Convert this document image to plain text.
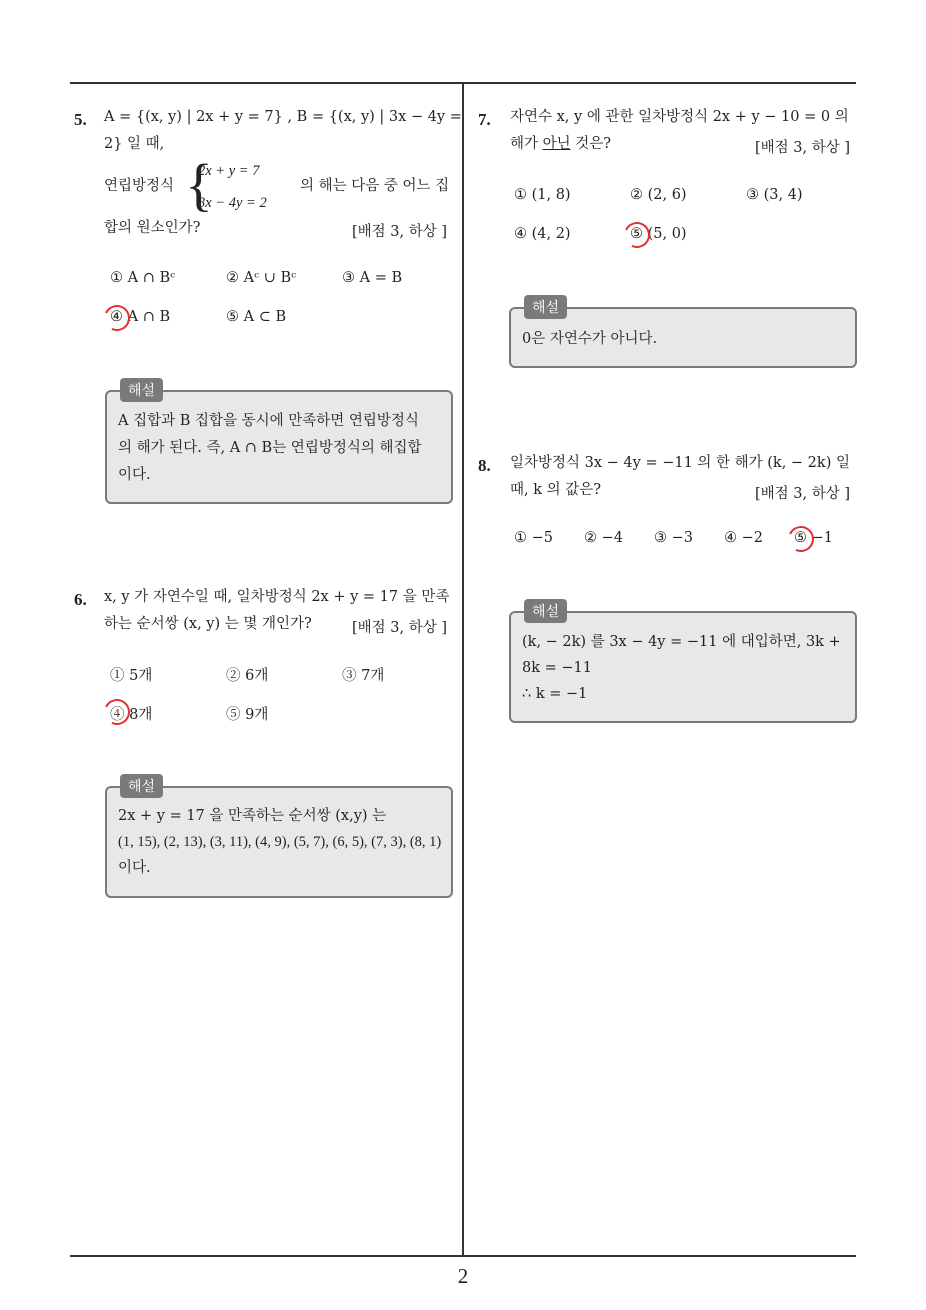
5. A = {(x, y) | 2x + y = 7} , B = {(x, y) | 3x − 4y =
2} 일 때,
연립방정식 {
2x + y = 7
3x − 4y = 2
의 해는 다음 중 어느 집
합의 원소인가?	[배점 3, 하상 ]
① A ∩ Bᶜ	② Aᶜ ∪ Bᶜ	③ A = B
④ A ∩ B	⑤ A ⊂ B
해설
A 집합과 B 집합을 동시에 만족하면 연립방정식
의 해가 된다. 즉, A ∩ B는 연립방정식의 해집합
이다.
6. x, y 가 자연수일 때, 일차방정식 2x + y = 17 을 만족
하는 순서쌍 (x, y) 는 몇 개인가?	[배점 3, 하상 ]
① 5개	② 6개	③ 7개
④ 8개	⑤ 9개
해설
2x + y = 17 을 만족하는 순서쌍 (x,y) 는
(1, 15), (2, 13), (3, 11), (4, 9), (5, 7), (6, 5), (7, 3), (8, 1)
이다.
7. 자연수 x, y 에 관한 일차방정식 2x + y − 10 = 0 의
해가 아닌 것은?	[배점 3, 하상 ]
① (1, 8)	② (2, 6)	③ (3, 4)
④ (4, 2)	⑤ (5, 0)
해설
0은 자연수가 아니다.
8. 일차방정식 3x − 4y = −11 의 한 해가 (k, − 2k) 일
때, k 의 값은?	[배점 3, 하상 ]
① −5 ② −4 ③ −3 ④ −2 ⑤ −1
해설
(k, − 2k) 를 3x − 4y = −11 에 대입하면, 3k +
8k = −11
∴ k = −1
2
